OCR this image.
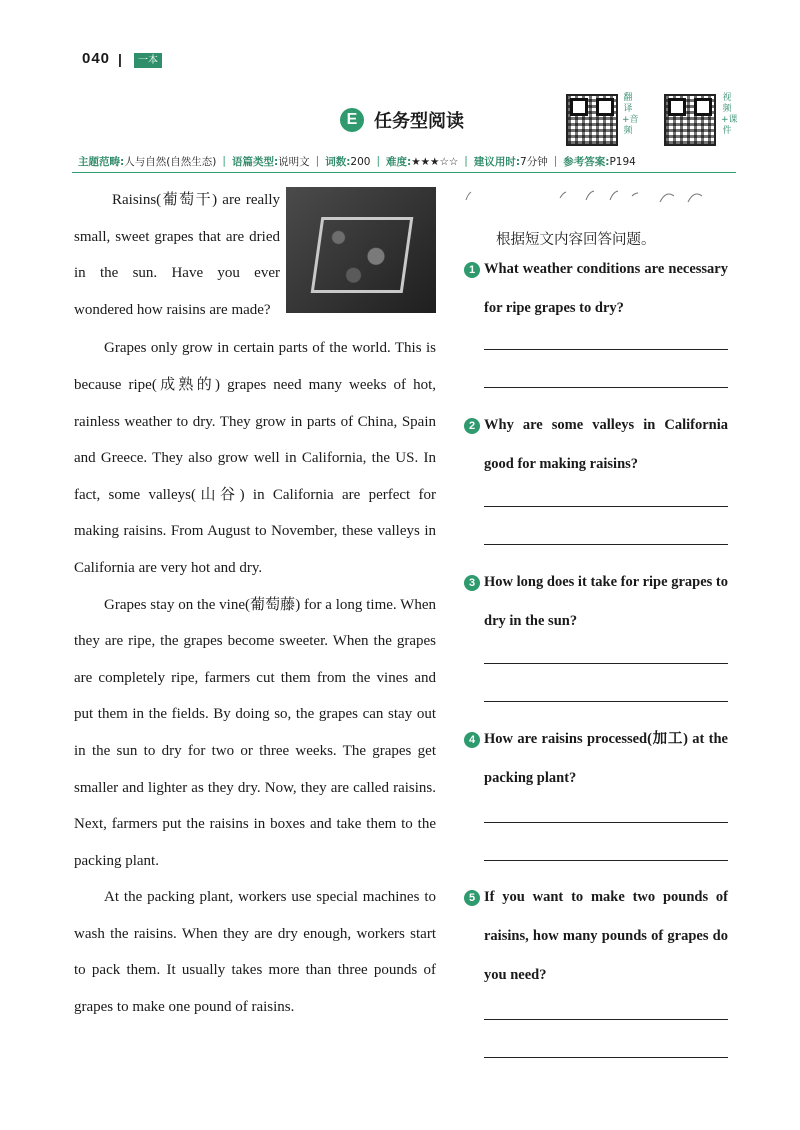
040 |	一本
E 任务型阅读
翻译+音频
视频+课件
主题范畴:人与自然(自然生态) | 语篇类型:说明文 | 词数:200 | 难度:★★★☆☆ | 建议用时:7分钟 | 参考答案:P194

Raisins(葡萄干) are really small, sweet grapes that are dried in the sun. Have you ever wondered how raisins are made?

Grapes only grow in certain parts of the world. This is because ripe(成熟的) grapes need many weeks of hot, rainless weather to dry. They grow in parts of China, Spain and Greece. They also grow well in California, the US. In fact, some valleys(山谷) in California are perfect for making raisins. From August to November, these valleys in California are very hot and dry.

Grapes stay on the vine(葡萄藤) for a long time. When they are ripe, the grapes become sweeter. When the grapes are completely ripe, farmers cut them from the vines and put them in the fields. By doing so, the grapes can stay out in the sun to dry for two or three weeks. The grapes get smaller and lighter as they dry. Now, they are called raisins. Next, farmers put the raisins in boxes and take them to the packing plant.

At the packing plant, workers use special machines to wash the raisins. When they are dry enough, workers start to pack them. It usually takes more than three pounds of grapes to make one pound of raisins.

根据短文内容回答问题。
1 What weather conditions are necessary for ripe grapes to dry?
2 Why are some valleys in California good for making raisins?
3 How long does it take for ripe grapes to dry in the sun?
4 How are raisins processed(加工) at the packing plant?
5 If you want to make two pounds of raisins, how many pounds of grapes do you need?
